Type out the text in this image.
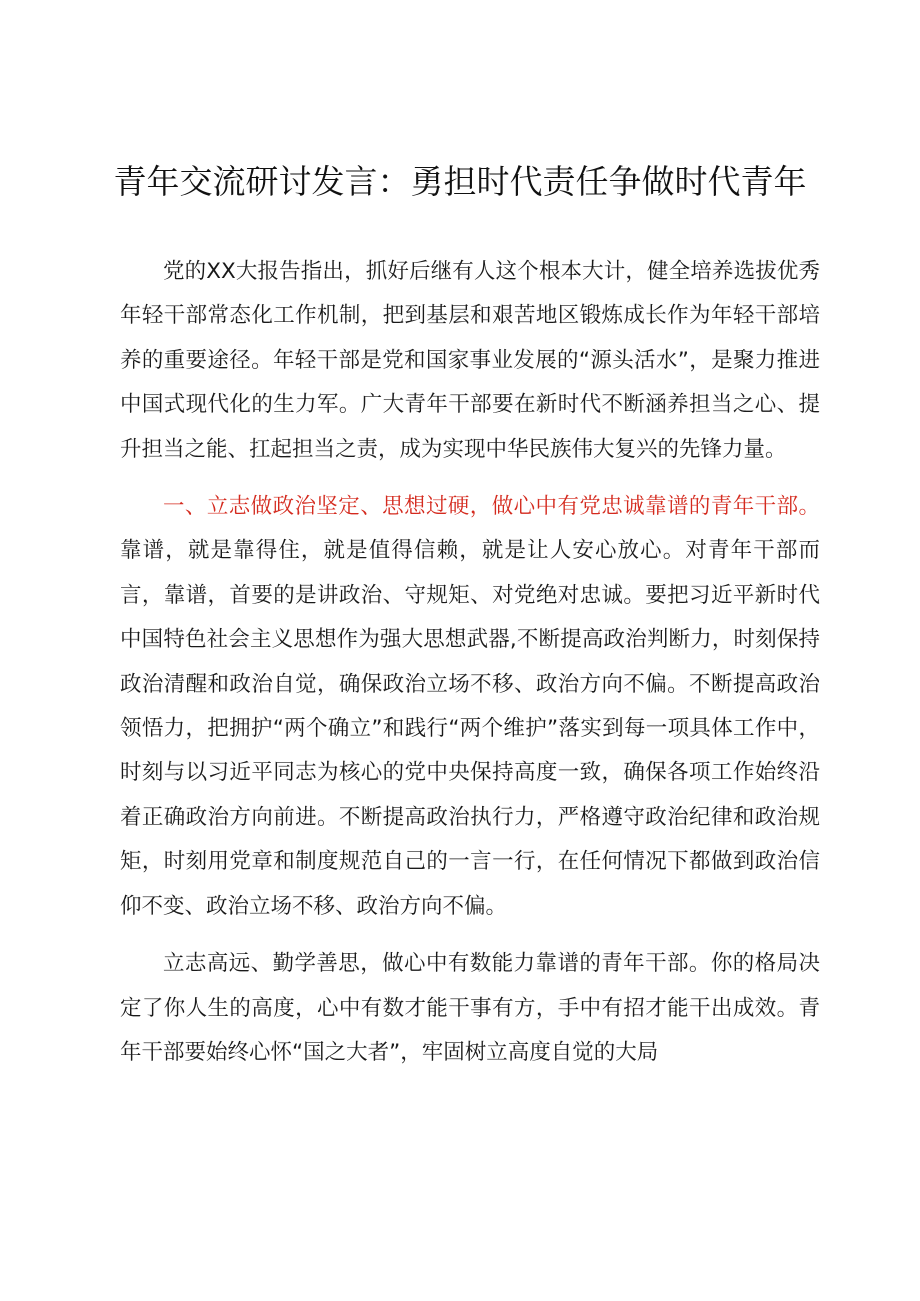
青年交流研讨发言：勇担时代责任争做时代青年

党的XX大报告指出，抓好后继有人这个根本大计，健全培养选拔优秀年轻干部常态化工作机制，把到基层和艰苦地区锻炼成长作为年轻干部培养的重要途径。年轻干部是党和国家事业发展的“源头活水”，是聚力推进中国式现代化的生力军。广大青年干部要在新时代不断涵养担当之心、提升担当之能、扛起担当之责，成为实现中华民族伟大复兴的先锋力量。

一、立志做政治坚定、思想过硬，做心中有党忠诚靠谱的青年干部。靠谱，就是靠得住，就是值得信赖，就是让人安心放心。对青年干部而言，靠谱，首要的是讲政治、守规矩、对党绝对忠诚。要把习近平新时代中国特色社会主义思想作为强大思想武器,不断提高政治判断力，时刻保持政治清醒和政治自觉，确保政治立场不移、政治方向不偏。不断提高政治领悟力，把拥护“两个确立”和践行“两个维护”落实到每一项具体工作中，时刻与以习近平同志为核心的党中央保持高度一致，确保各项工作始终沿着正确政治方向前进。不断提高政治执行力，严格遵守政治纪律和政治规矩，时刻用党章和制度规范自己的一言一行，在任何情况下都做到政治信仰不变、政治立场不移、政治方向不偏。

立志高远、勤学善思，做心中有数能力靠谱的青年干部。你的格局决定了你人生的高度，心中有数才能干事有方，手中有招才能干出成效。青年干部要始终心怀“国之大者”，牢固树立高度自觉的大局
